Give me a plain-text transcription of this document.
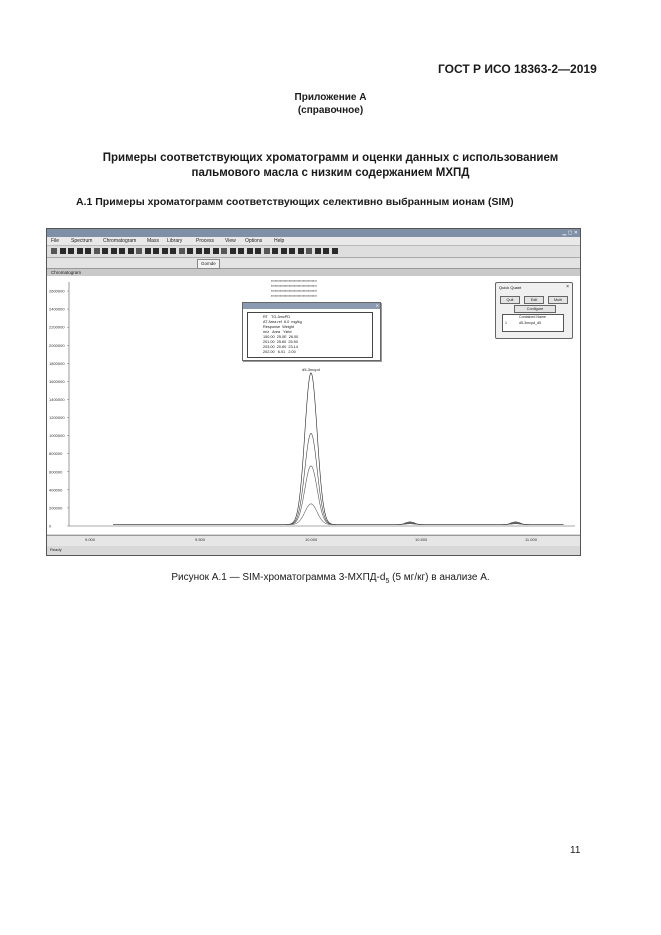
ГОСТ Р ИСО 18363-2—2019
Приложение А
(справочное)
Примеры соответствующих хроматограмм и оценки данных с использованием
пальмового масла с низким содержанием МХПД
А.1 Примеры хроматограмм соответствующих селективно выбранным ионам (SIM)
▁ ▢ ✕
File Spectrum Chromatogram Mass Library	Process View Options Help
Gomde
Chromatogram
2600000
2400000
2200000
2000000
1800000
1600000
1400000
1200000
1000000
800000
600000
400000
200000
0
d5-3mcpd
▪▪▪▪▪▪▪▪▪▪▪▪▪▪▪▪▪▪▪▪▪▪▪▪▪▪▪▪▪▪▪▪▪▪▪▪
▪▪▪▪▪▪▪▪▪▪▪▪▪▪▪▪▪▪▪▪▪▪▪▪▪▪▪▪▪▪▪▪▪▪▪▪
▪▪▪▪▪▪▪▪▪▪▪▪▪▪▪▪▪▪▪▪▪▪▪▪▪▪▪▪▪▪▪▪▪▪▪▪
▪▪▪▪▪▪▪▪▪▪▪▪▪▪▪▪▪▪▪▪▪▪▪▪▪▪▪▪▪▪▪▪▪▪▪▪
✕
RT   TG-3mcPD
AT Area ref  6.0  mg/kg
Response  Weight
m/z   Area   Yield
150.00  25.0E  26.00
201.00  25.60  25.50
203.00  20.60  23.14
202.00   6.01   2.00
Quick Quant	×
Quit	Edit	Multi
Configure
Contained Name
1	d5-3mcpd_d5
9.000	9.500	10.000	10.500	11.000
Ready
Рисунок А.1 — SIM-хроматограмма $3-МХПД-d_5$ (5 мг/кг) в анализе А.
11
